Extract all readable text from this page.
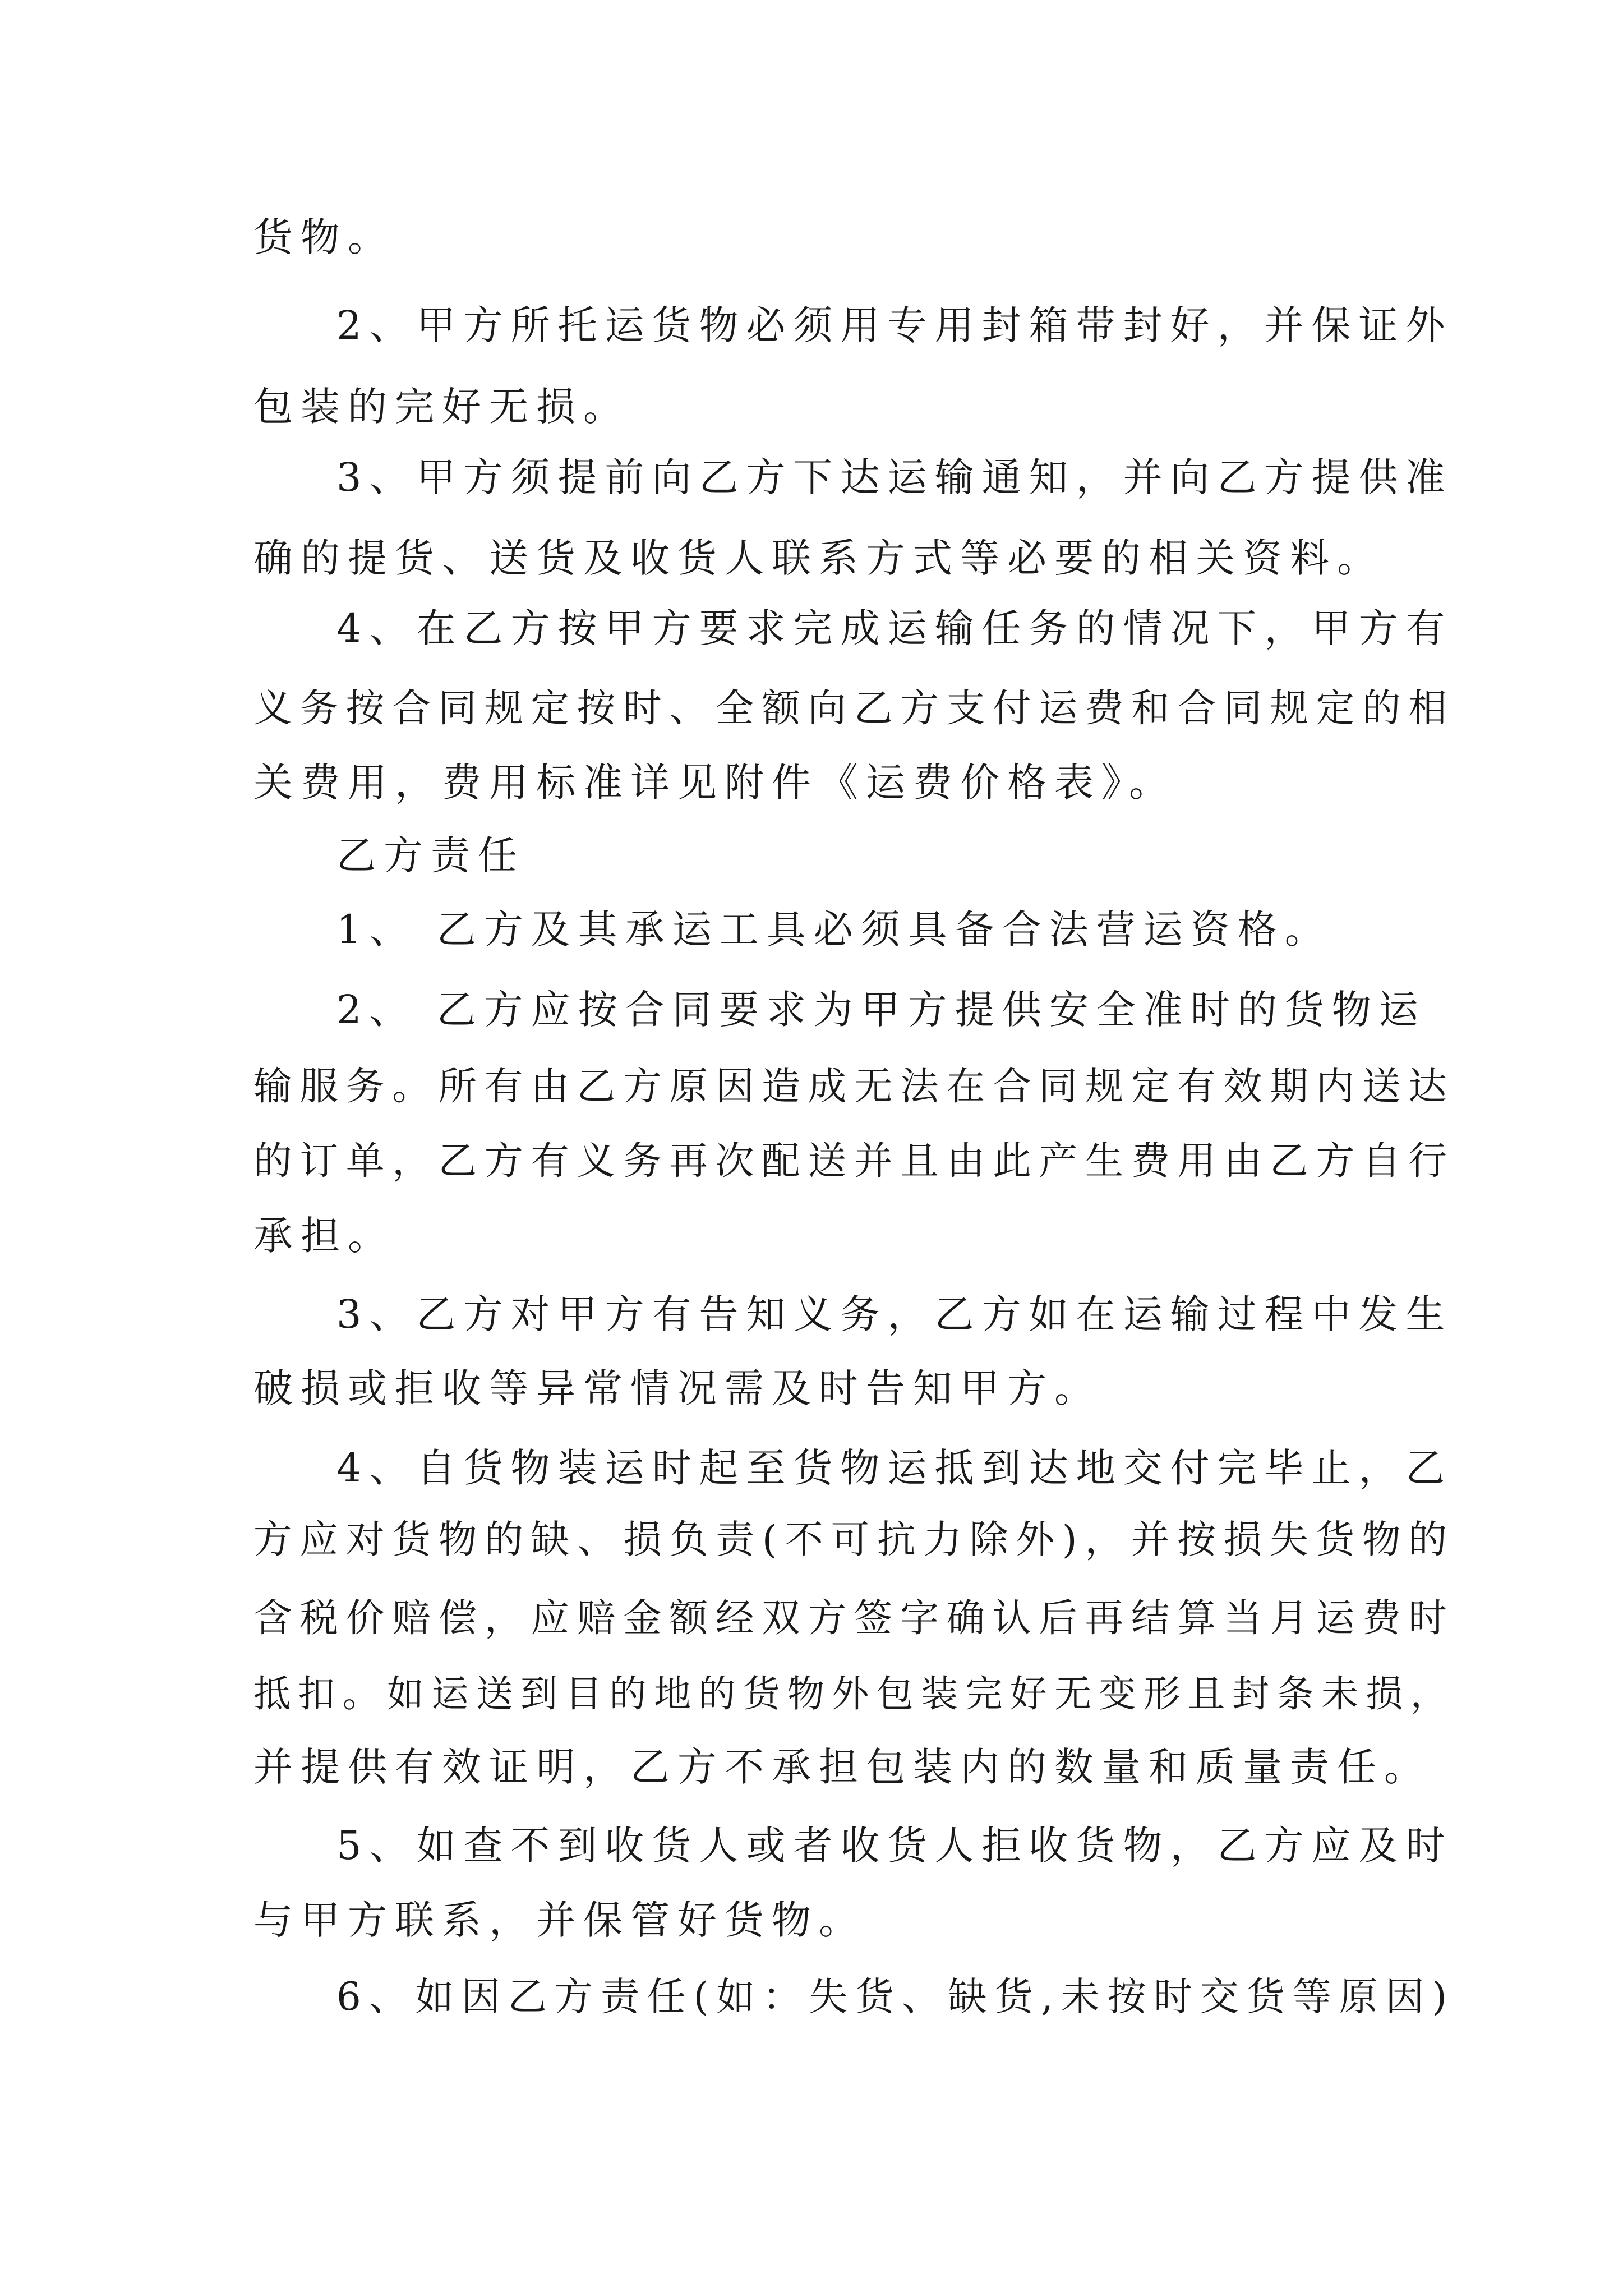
货物。
2、甲方所托运货物必须用专用封箱带封好，并保证外
包装的完好无损。
3、甲方须提前向乙方下达运输通知，并向乙方提供准
确的提货、送货及收货人联系方式等必要的相关资料。
4、在乙方按甲方要求完成运输任务的情况下，甲方有
义务按合同规定按时、全额向乙方支付运费和合同规定的相
关费用，费用标准详见附件《运费价格表》。
乙方责任
1、 乙方及其承运工具必须具备合法营运资格。
2、 乙方应按合同要求为甲方提供安全准时的货物运
输服务。所有由乙方原因造成无法在合同规定有效期内送达
的订单，乙方有义务再次配送并且由此产生费用由乙方自行
承担。
3、乙方对甲方有告知义务，乙方如在运输过程中发生
破损或拒收等异常情况需及时告知甲方。
4、自货物装运时起至货物运抵到达地交付完毕止，乙
方应对货物的缺、损负责(不可抗力除外)，并按损失货物的
含税价赔偿，应赔金额经双方签字确认后再结算当月运费时
抵扣。如运送到目的地的货物外包装完好无变形且封条未损，
并提供有效证明，乙方不承担包装内的数量和质量责任。
5、如查不到收货人或者收货人拒收货物，乙方应及时
与甲方联系，并保管好货物。
6、如因乙方责任(如：失货、缺货,未按时交货等原因)
